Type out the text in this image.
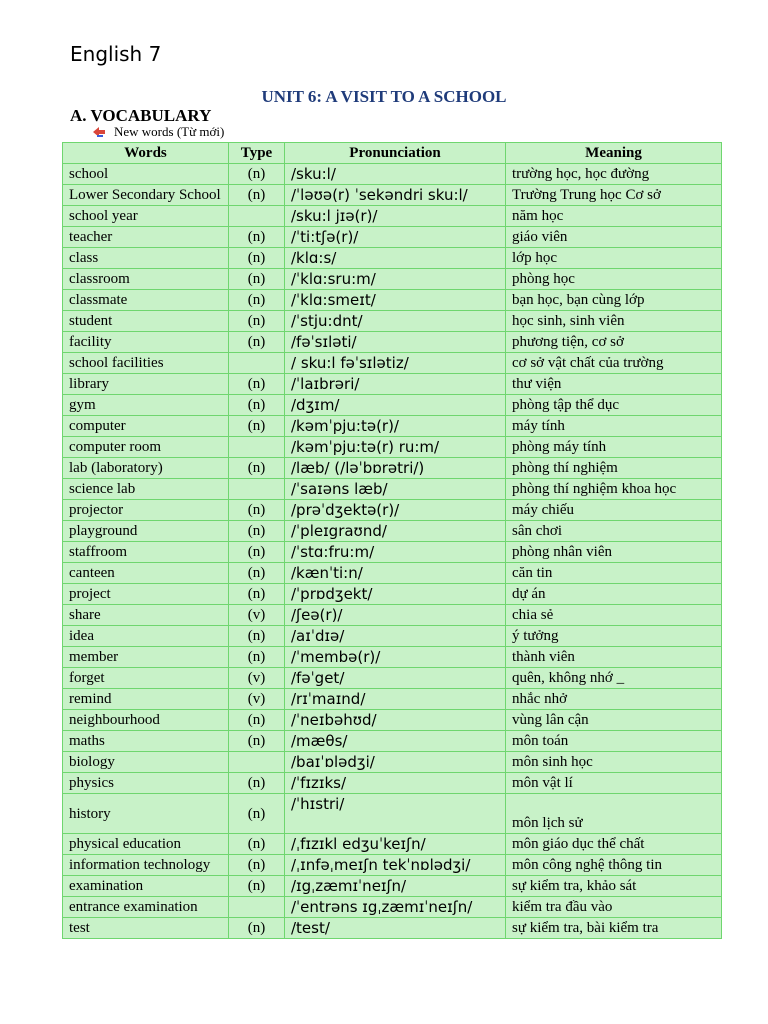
English 7
UNIT 6: A VISIT TO A SCHOOL
A. VOCABULARY
New words (Từ mới)
Words	Type	Pronunciation	Meaning
school	(n)	/sku:l/	trường học, học đường
Lower Secondary School	(n)	/ˈləʊə(r) ˈsekəndri sku:l/	Trường Trung học Cơ sở
school year		/sku:l jɪə(r)/	năm học
teacher	(n)	/ˈti:tʃə(r)/	giáo viên
class	(n)	/klɑ:s/	lớp học
classroom	(n)	/ˈklɑ:sru:m/	phòng học
classmate	(n)	/ˈklɑ:smeɪt/	bạn học, bạn cùng lớp
student	(n)	/ˈstju:dnt/	học sinh, sinh viên
facility	(n)	/fəˈsɪləti/	phương tiện, cơ sở
school facilities		/ sku:l fəˈsɪlətiz/	cơ sở vật chất của trường
library	(n)	/ˈlaɪbrəri/	thư viện
gym	(n)	/dʒɪm/	phòng tập thể dục
computer	(n)	/kəmˈpju:tə(r)/	máy tính
computer room		/kəmˈpju:tə(r) ru:m/	phòng máy tính
lab (laboratory)	(n)	/læb/ (/ləˈbɒrətri/)	phòng thí nghiệm
science lab		/ˈsaɪəns læb/	phòng thí nghiệm khoa học
projector	(n)	/prəˈdʒektə(r)/	máy chiếu
playground	(n)	/ˈpleɪgraʊnd/	sân chơi
staffroom	(n)	/ˈstɑ:fru:m/	phòng nhân viên
canteen	(n)	/kænˈti:n/	căn tin
project	(n)	/ˈprɒdʒekt/	dự án
share	(v)	/ʃeə(r)/	chia sẻ
idea	(n)	/aɪˈdɪə/	ý tưởng
member	(n)	/ˈmembə(r)/	thành viên
forget	(v)	/fəˈget/	quên, không nhớ _
remind	(v)	/rɪˈmaɪnd/	nhắc nhở
neighbourhood	(n)	/ˈneɪbəhʊd/	vùng lân cận
maths	(n)	/mæθs/	môn toán
biology		/baɪˈɒlədʒi/	môn sinh học
physics	(n)	/ˈfɪzɪks/	môn vật lí
history	(n)	/ˈhɪstri/	môn lịch sử
physical education	(n)	/ˌfɪzɪkl edʒuˈkeɪʃn/	môn giáo dục thể chất
information technology	(n)	/ˌɪnfəˌmeɪʃn tekˈnɒlədʒi/	môn công nghệ thông tin
examination	(n)	/ɪgˌzæmɪˈneɪʃn/	sự kiểm tra, khảo sát
entrance examination		/ˈentrəns ɪgˌzæmɪˈneɪʃn/	kiểm tra đầu vào
test	(n)	/test/	sự kiểm tra, bài kiểm tra
